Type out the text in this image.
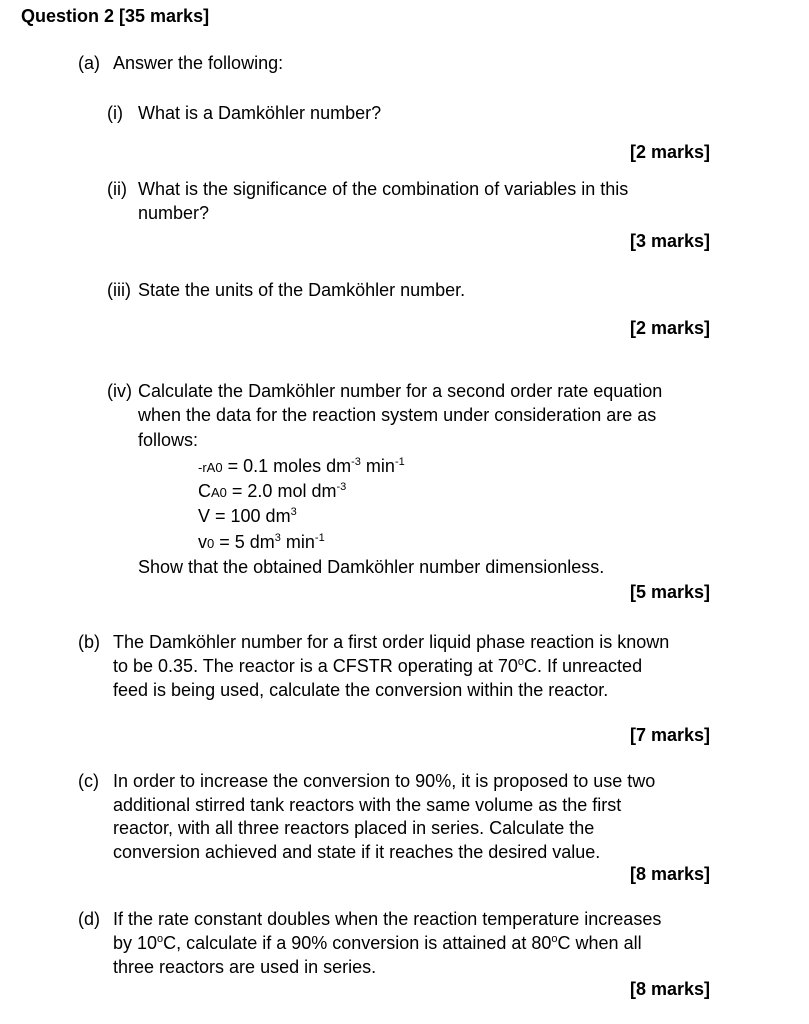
Question 2 [35 marks]
(a) Answer the following:
(i) What is a Damköhler number?
[2 marks]
(ii) What is the significance of the combination of variables in this
number?
[3 marks]
(iii) State the units of the Damköhler number.
[2 marks]
(iv) Calculate the Damköhler number for a second order rate equation
when the data for the reaction system under consideration are as
follows:
-rA0 = 0.1 moles $dm^{-3}$ $\min^{-1}$
CA0 = 2.0 mol $dm^{-3}$
V = 100 $dm^3$
v0 = 5 $dm^3$ $\min^{-1}$
Show that the obtained Damköhler number dimensionless.
[5 marks]
(b) The Damköhler number for a first order liquid phase reaction is known
to be 0.35. The reactor is a CFSTR operating at 70$^o$C. If unreacted
feed is being used, calculate the conversion within the reactor.
[7 marks]
(c) In order to increase the conversion to 90%, it is proposed to use two
additional stirred tank reactors with the same volume as the first
reactor, with all three reactors placed in series. Calculate the
conversion achieved and state if it reaches the desired value.
[8 marks]
(d) If the rate constant doubles when the reaction temperature increases
by 10$^o$C, calculate if a 90% conversion is attained at 80$^o$C when all
three reactors are used in series.
[8 marks]
